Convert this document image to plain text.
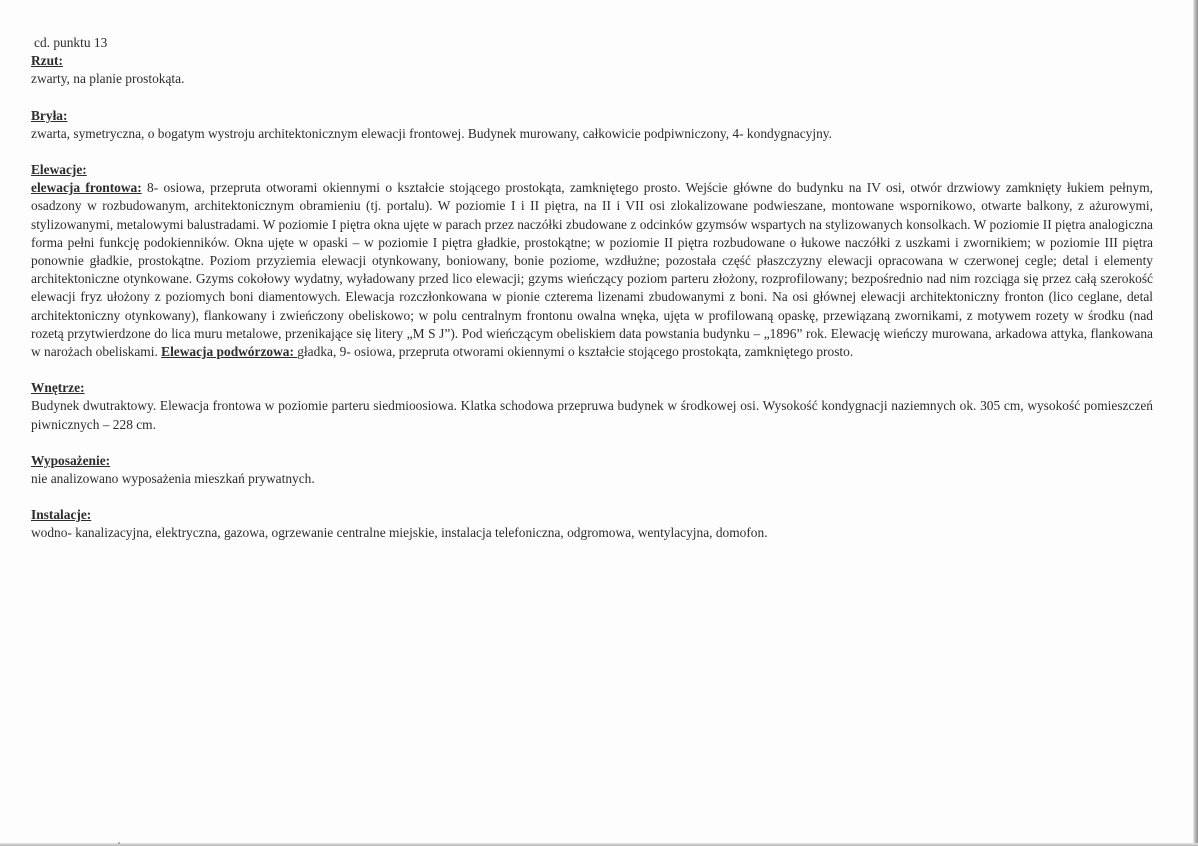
cd. punktu 13

Rzut:

zwarty, na planie prostokąta.

Bryła:

zwarta, symetryczna, o bogatym wystroju architektonicznym elewacji frontowej. Budynek murowany, całkowicie podpiwniczony, 4- kondygnacyjny.

Elewacje:

elewacja frontowa: 8- osiowa, przepruta otworami okiennymi o kształcie stojącego prostokąta, zamkniętego prosto. Wejście główne do budynku na IV osi, otwór drzwiowy zamknięty łukiem pełnym, osadzony w rozbudowanym, architektonicznym obramieniu (tj. portalu). W poziomie I i II piętra, na II i VII osi zlokalizowane podwieszane, montowane wspornikowo, otwarte balkony, z ażurowymi, stylizowanymi, metalowymi balustradami. W poziomie I piętra okna ujęte w parach przez naczółki zbudowane z odcinków gzymsów wspartych na stylizowanych konsolkach. W poziomie II piętra analogiczna forma pełni funkcję podokienników. Okna ujęte w opaski – w poziomie I piętra gładkie, prostokątne; w poziomie II piętra rozbudowane o łukowe naczółki z uszkami i zwornikiem; w poziomie III piętra ponownie gładkie, prostokątne. Poziom przyziemia elewacji otynkowany, boniowany, bonie poziome, wzdłużne; pozostała część płaszczyzny elewacji opracowana w czerwonej cegle; detal i elementy architektoniczne otynkowane. Gzyms cokołowy wydatny, wyładowany przed lico elewacji; gzyms wieńczący poziom parteru złożony, rozprofilowany; bezpośrednio nad nim rozciąga się przez całą szerokość elewacji fryz ułożony z poziomych boni diamentowych. Elewacja rozczłonkowana w pionie czterema lizenami zbudowanymi z boni. Na osi głównej elewacji architektoniczny fronton (lico ceglane, detal architektoniczny otynkowany), flankowany i zwieńczony obeliskowo; w polu centralnym frontonu owalna wnęka, ujęta w profilowaną opaskę, przewiązaną zwornikami, z motywem rozety w środku (nad rozetą przytwierdzone do lica muru metalowe, przenikające się litery „M S J”). Pod wieńczącym obeliskiem data powstania budynku – „1896” rok. Elewację wieńczy murowana, arkadowa attyka, flankowana w narożach obeliskami. Elewacja podwórzowa: gładka, 9- osiowa, przepruta otworami okiennymi o kształcie stojącego prostokąta, zamkniętego prosto.

Wnętrze:

Budynek dwutraktowy. Elewacja frontowa w poziomie parteru siedmioosiowa. Klatka schodowa przepruwa budynek w środkowej osi. Wysokość kondygnacji naziemnych ok. 305 cm, wysokość pomieszczeń piwnicznych – 228 cm.

Wyposażenie:

nie analizowano wyposażenia mieszkań prywatnych.

Instalacje:

wodno- kanalizacyjna, elektryczna, gazowa, ogrzewanie centralne miejskie, instalacja telefoniczna, odgromowa, wentylacyjna, domofon.
